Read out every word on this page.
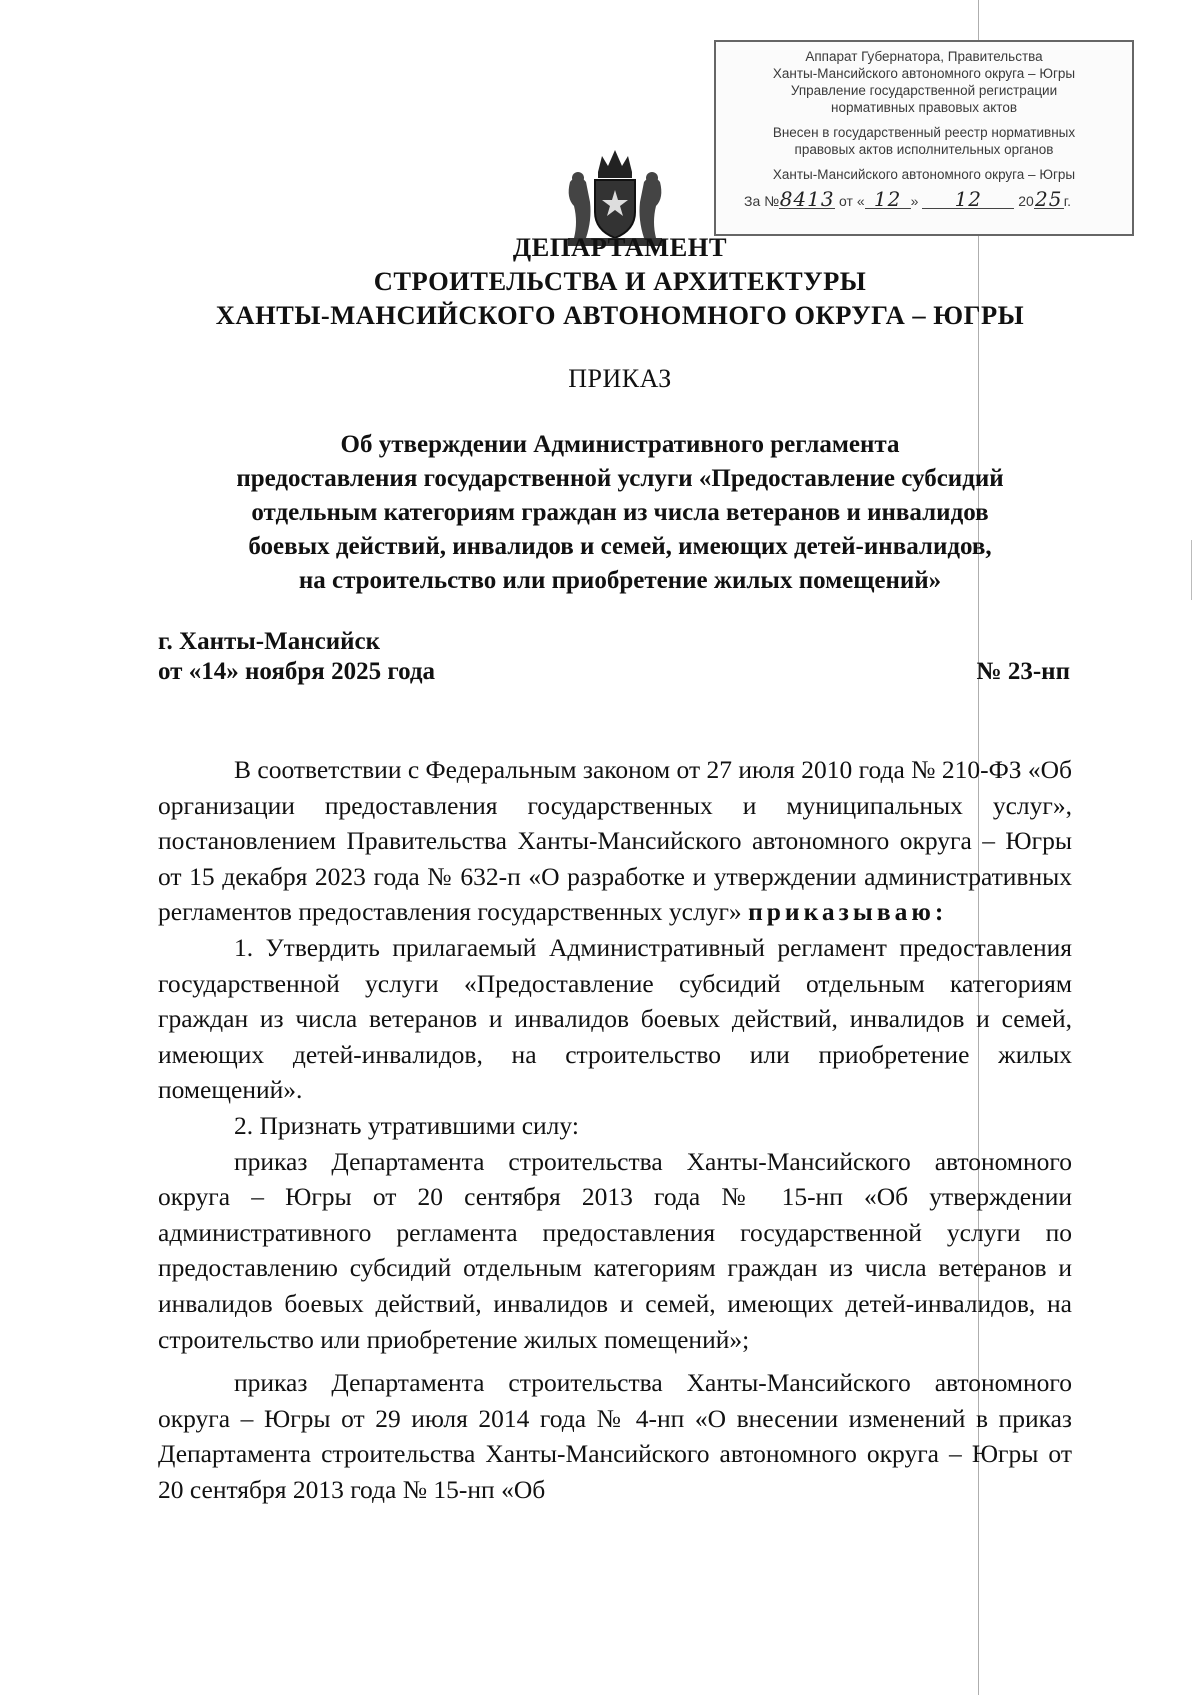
Аппарат Губернатора, Правительства
Ханты-Мансийского автономного округа – Югры
Управление государственной регистрации
нормативных правовых актов
Внесен в государственный реестр нормативных
правовых актов исполнительных органов
Ханты-Мансийского автономного округа – Югры
За №8413 от « 12 » 12	2025г.
ДЕПАРТАМЕНТ
СТРОИТЕЛЬСТВА И АРХИТЕКТУРЫ
ХАНТЫ-МАНСИЙСКОГО АВТОНОМНОГО ОКРУГА – ЮГРЫ
ПРИКАЗ
Об утверждении Административного регламента
предоставления государственной услуги «Предоставление субсидий
отдельным категориям граждан из числа ветеранов и инвалидов
боевых действий, инвалидов и семей, имеющих детей-инвалидов,
на строительство или приобретение жилых помещений»
г. Ханты-Мансийск
от «14» ноября 2025 года	№ 23-нп

В соответствии с Федеральным законом от 27 июля 2010 года № 210-ФЗ «Об организации предоставления государственных и муниципальных услуг», постановлением Правительства Ханты-Мансийского автономного округа – Югры от 15 декабря 2023 года № 632-п «О разработке и утверждении административных регламентов предоставления государственных услуг» приказываю:

1. Утвердить прилагаемый Административный регламент предоставления государственной услуги «Предоставление субсидий отдельным категориям граждан из числа ветеранов и инвалидов боевых действий, инвалидов и семей, имеющих детей-инвалидов, на строительство или приобретение жилых помещений».

2. Признать утратившими силу:

приказ Департамента строительства Ханты-Мансийского автономного округа – Югры от 20 сентября 2013 года № 15-нп «Об утверждении административного регламента предоставления государственной услуги по предоставлению субсидий отдельным категориям граждан из числа ветеранов и инвалидов боевых действий, инвалидов и семей, имеющих детей-инвалидов, на строительство или приобретение жилых помещений»;

приказ Департамента строительства Ханты-Мансийского автономного округа – Югры от 29 июля 2014 года № 4-нп «О внесении изменений в приказ Департамента строительства Ханты-Мансийского автономного округа – Югры от 20 сентября 2013 года № 15-нп «Об
